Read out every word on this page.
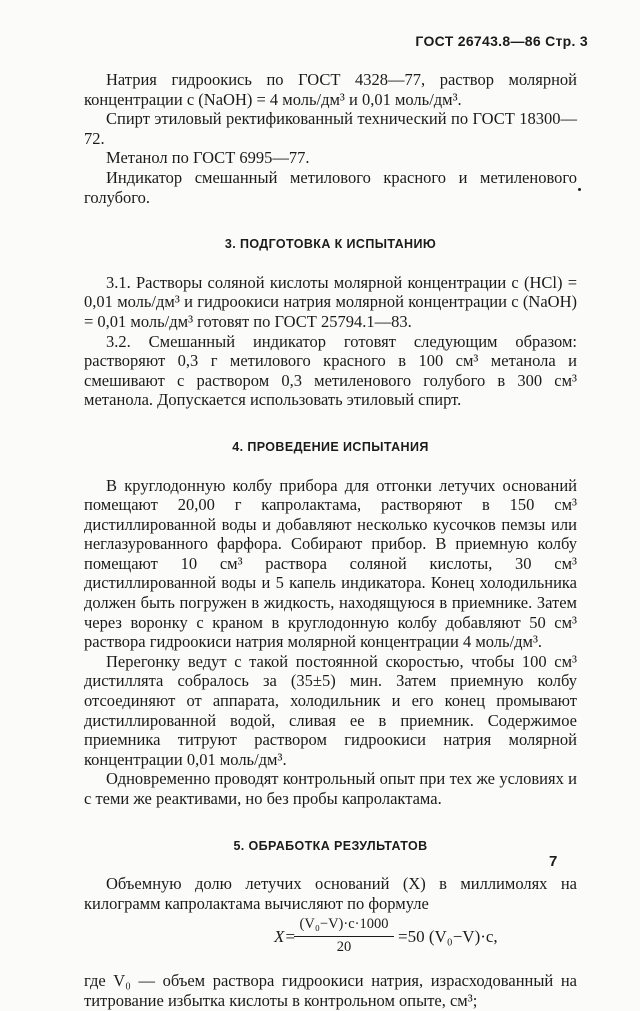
ГОСТ 26743.8—86 Стр. 3

Натрия гидроокись по ГОСТ 4328—77, раствор молярной концентрации c (NaOH) = 4 моль/дм³ и 0,01 моль/дм³.

Спирт этиловый ректификованный технический по ГОСТ 18300—72.

Метанол по ГОСТ 6995—77.

Индикатор смешанный метилового красного и метиленового голубого.

3. ПОДГОТОВКА К ИСПЫТАНИЮ

3.1. Растворы соляной кислоты молярной концентрации c (HCl) = 0,01 моль/дм³ и гидроокиси натрия молярной концентрации c (NaOH) = 0,01 моль/дм³ готовят по ГОСТ 25794.1—83.

3.2. Смешанный индикатор готовят следующим образом: растворяют 0,3 г метилового красного в 100 см³ метанола и смешивают с раствором 0,3 метиленового голубого в 300 см³ метанола. Допускается использовать этиловый спирт.

4. ПРОВЕДЕНИЕ ИСПЫТАНИЯ

В круглодонную колбу прибора для отгонки летучих оснований помещают 20,00 г капролактама, растворяют в 150 см³ дистиллированной воды и добавляют несколько кусочков пемзы или неглазурованного фарфора. Собирают прибор. В приемную колбу помещают 10 см³ раствора соляной кислоты, 30 см³ дистиллированной воды и 5 капель индикатора. Конец холодильника должен быть погружен в жидкость, находящуюся в приемнике. Затем через воронку с краном в круглодонную колбу добавляют 50 см³ раствора гидроокиси натрия молярной концентрации 4 моль/дм³.

Перегонку ведут с такой постоянной скоростью, чтобы 100 см³ дистиллята собралось за (35±5) мин. Затем приемную колбу отсоединяют от аппарата, холодильник и его конец промывают дистиллированной водой, сливая ее в приемник. Содержимое приемника титруют раствором гидроокиси натрия молярной концентрации 0,01 моль/дм³.

Одновременно проводят контрольный опыт при тех же условиях и с теми же реактивами, но без пробы капролактама.

5. ОБРАБОТКА РЕЗУЛЬТАТОВ

Объемную долю летучих оснований (X) в миллимолях на килограмм капролактама вычисляют по формуле

X=
$\frac{\text{(V₀−V)·c·1000}}{20} =50$ (V₀−V)·c,

где V₀ — объем раствора гидроокиси натрия, израсходованный на титрование избытка кислоты в контрольном опыте, см³;

7
